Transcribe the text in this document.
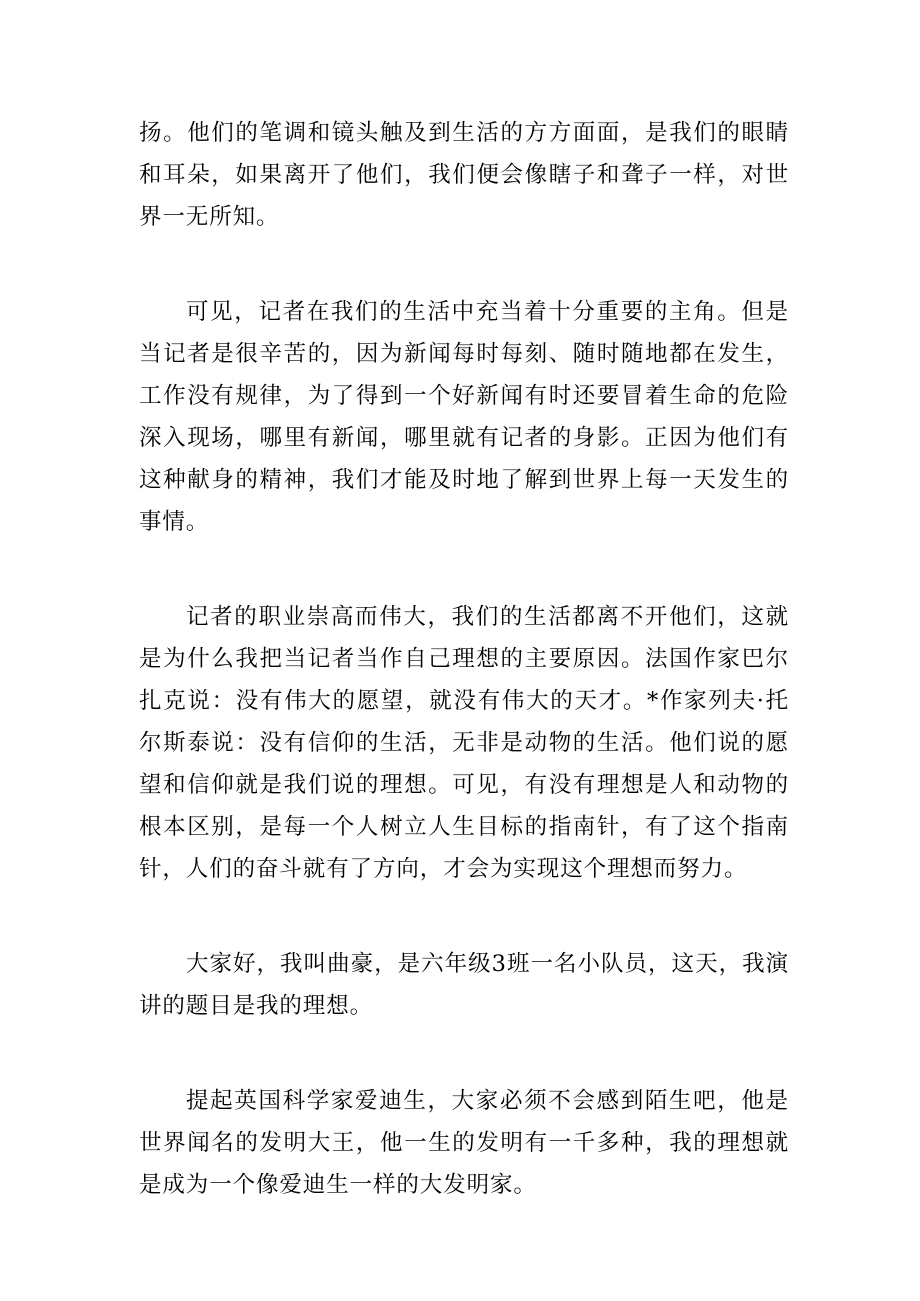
扬。他们的笔调和镜头触及到生活的方方面面，是我们的眼睛和耳朵，如果离开了他们，我们便会像瞎子和聋子一样，对世界一无所知。

可见，记者在我们的生活中充当着十分重要的主角。但是当记者是很辛苦的，因为新闻每时每刻、随时随地都在发生，工作没有规律，为了得到一个好新闻有时还要冒着生命的危险深入现场，哪里有新闻，哪里就有记者的身影。正因为他们有这种献身的精神，我们才能及时地了解到世界上每一天发生的事情。

记者的职业崇高而伟大，我们的生活都离不开他们，这就是为什么我把当记者当作自己理想的主要原因。法国作家巴尔扎克说：没有伟大的愿望，就没有伟大的天才。*作家列夫·托尔斯泰说：没有信仰的生活，无非是动物的生活。他们说的愿望和信仰就是我们说的理想。可见，有没有理想是人和动物的根本区别，是每一个人树立人生目标的指南针，有了这个指南针，人们的奋斗就有了方向，才会为实现这个理想而努力。

大家好，我叫曲豪，是六年级3班一名小队员，这天，我演讲的题目是我的理想。

提起英国科学家爱迪生，大家必须不会感到陌生吧，他是世界闻名的发明大王，他一生的发明有一千多种，我的理想就是成为一个像爱迪生一样的大发明家。
